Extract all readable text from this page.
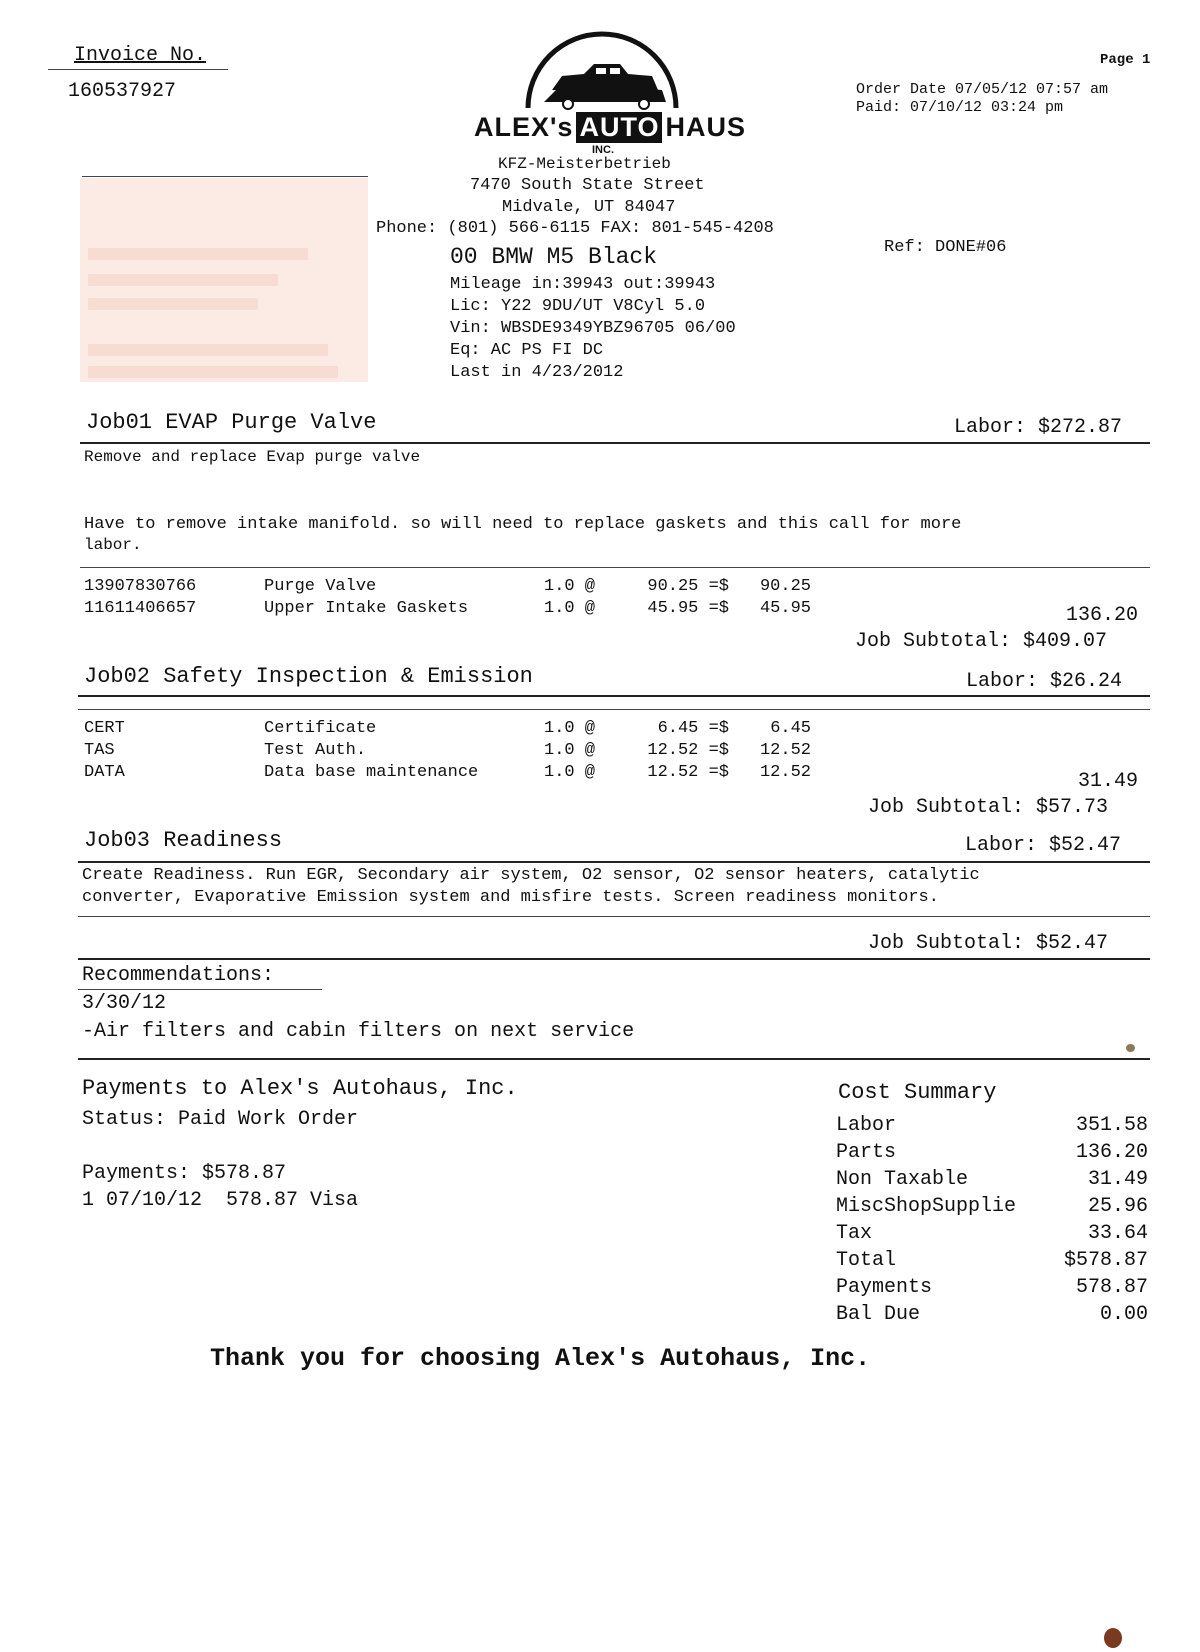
Invoice No.
160537927
Page 1
Order Date 07/05/12 07:57 am
Paid: 07/10/12 03:24 pm
Ref: DONE#06
ALEX's AUTO HAUS
INC.
KFZ-Meisterbetrieb
7470 South State Street
Midvale, UT 84047
Phone: (801) 566-6115 FAX: 801-545-4208
00 BMW M5 Black
Mileage in:39943 out:39943
Lic: Y22 9DU/UT V8Cyl 5.0
Vin: WBSDE9349YBZ96705 06/00
Eq: AC PS FI DC
Last in 4/23/2012
Job01 EVAP Purge Valve	Labor: $272.87
Remove and replace Evap purge valve
Have to remove intake manifold. so will need to replace gaskets and this call for more
labor.
13907830766	Purge Valve	1.0 @	90.25 =$	90.25
11611406657	Upper Intake Gaskets	1.0 @	45.95 =$	45.95	136.20
Job Subtotal: $409.07
Job02 Safety Inspection & Emission	Labor: $26.24
CERT	Certificate	1.0 @	6.45 =$	6.45
TAS	Test Auth.	1.0 @	12.52 =$	12.52
DATA	Data base maintenance	1.0 @	12.52 =$	12.52	31.49
Job Subtotal: $57.73
Job03 Readiness	Labor: $52.47
Create Readiness. Run EGR, Secondary air system, O2 sensor, O2 sensor heaters, catalytic
converter, Evaporative Emission system and misfire tests. Screen readiness monitors.
Job Subtotal: $52.47
Recommendations:
3/30/12
-Air filters and cabin filters on next service
Payments to Alex's Autohaus, Inc.
Status: Paid Work Order
Payments: $578.87
1 07/10/12  578.87 Visa
Cost Summary
Labor	351.58
Parts	136.20
Non Taxable	31.49
MiscShopSupplie	25.96
Tax	33.64
Total	$578.87
Payments	578.87
Bal Due	0.00
Thank you for choosing Alex's Autohaus, Inc.
